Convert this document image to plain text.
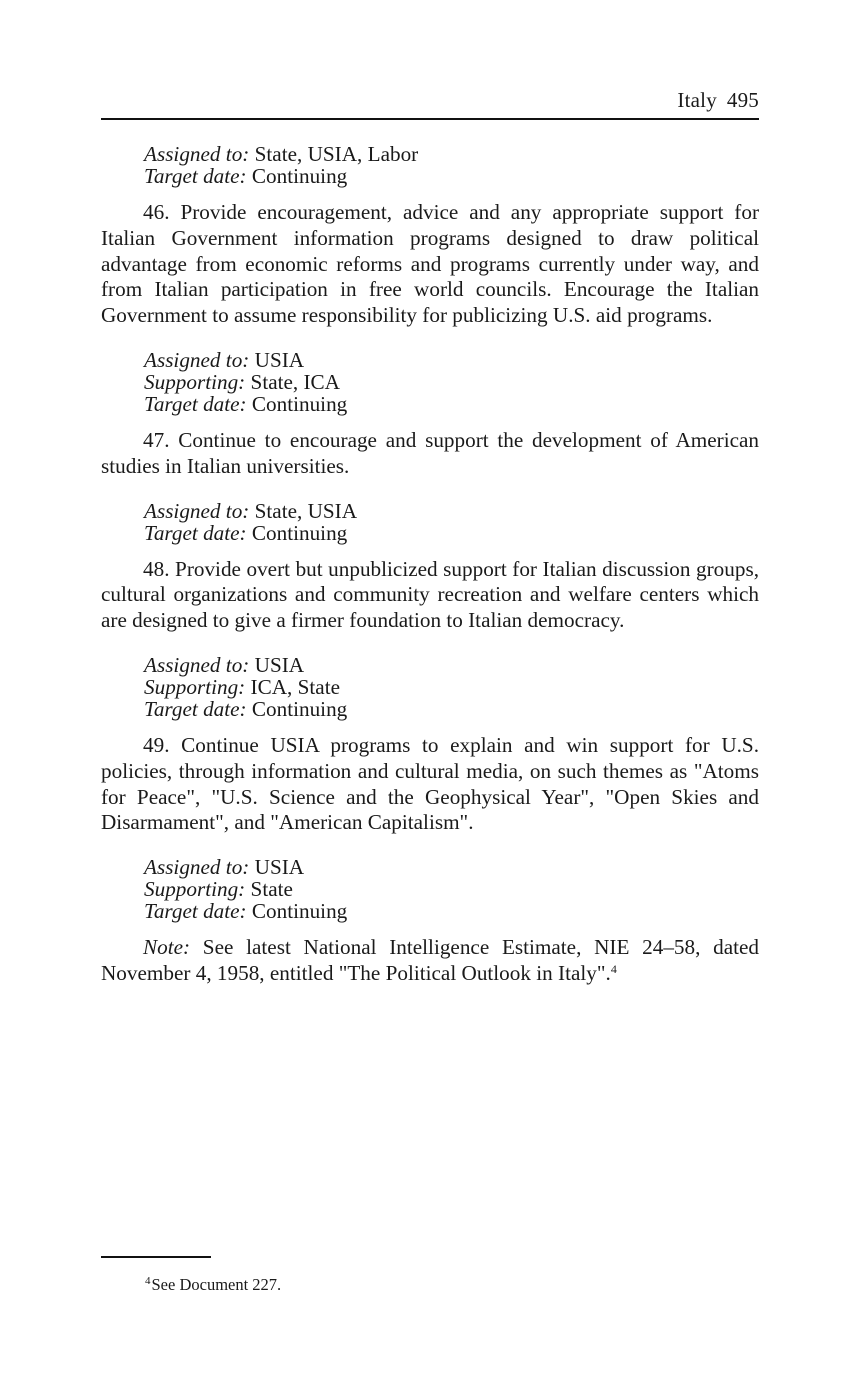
Italy 495
Assigned to: State, USIA, Labor
Target date: Continuing

46. Provide encouragement, advice and any appropriate support for Italian Government information programs designed to draw political advantage from economic reforms and programs currently under way, and from Italian participation in free world councils. Encourage the Italian Government to assume responsibility for publicizing U.S. aid programs.

Assigned to: USIA
Supporting: State, ICA
Target date: Continuing

47. Continue to encourage and support the development of American studies in Italian universities.

Assigned to: State, USIA
Target date: Continuing

48. Provide overt but unpublicized support for Italian discussion groups, cultural organizations and community recreation and welfare centers which are designed to give a firmer foundation to Italian democracy.

Assigned to: USIA
Supporting: ICA, State
Target date: Continuing

49. Continue USIA programs to explain and win support for U.S. policies, through information and cultural media, on such themes as "Atoms for Peace", "U.S. Science and the Geophysical Year", "Open Skies and Disarmament", and "American Capitalism".

Assigned to: USIA
Supporting: State
Target date: Continuing

Note: See latest National Intelligence Estimate, NIE 24–58, dated November 4, 1958, entitled "The Political Outlook in Italy".$^4$

$^4$See Document 227.
